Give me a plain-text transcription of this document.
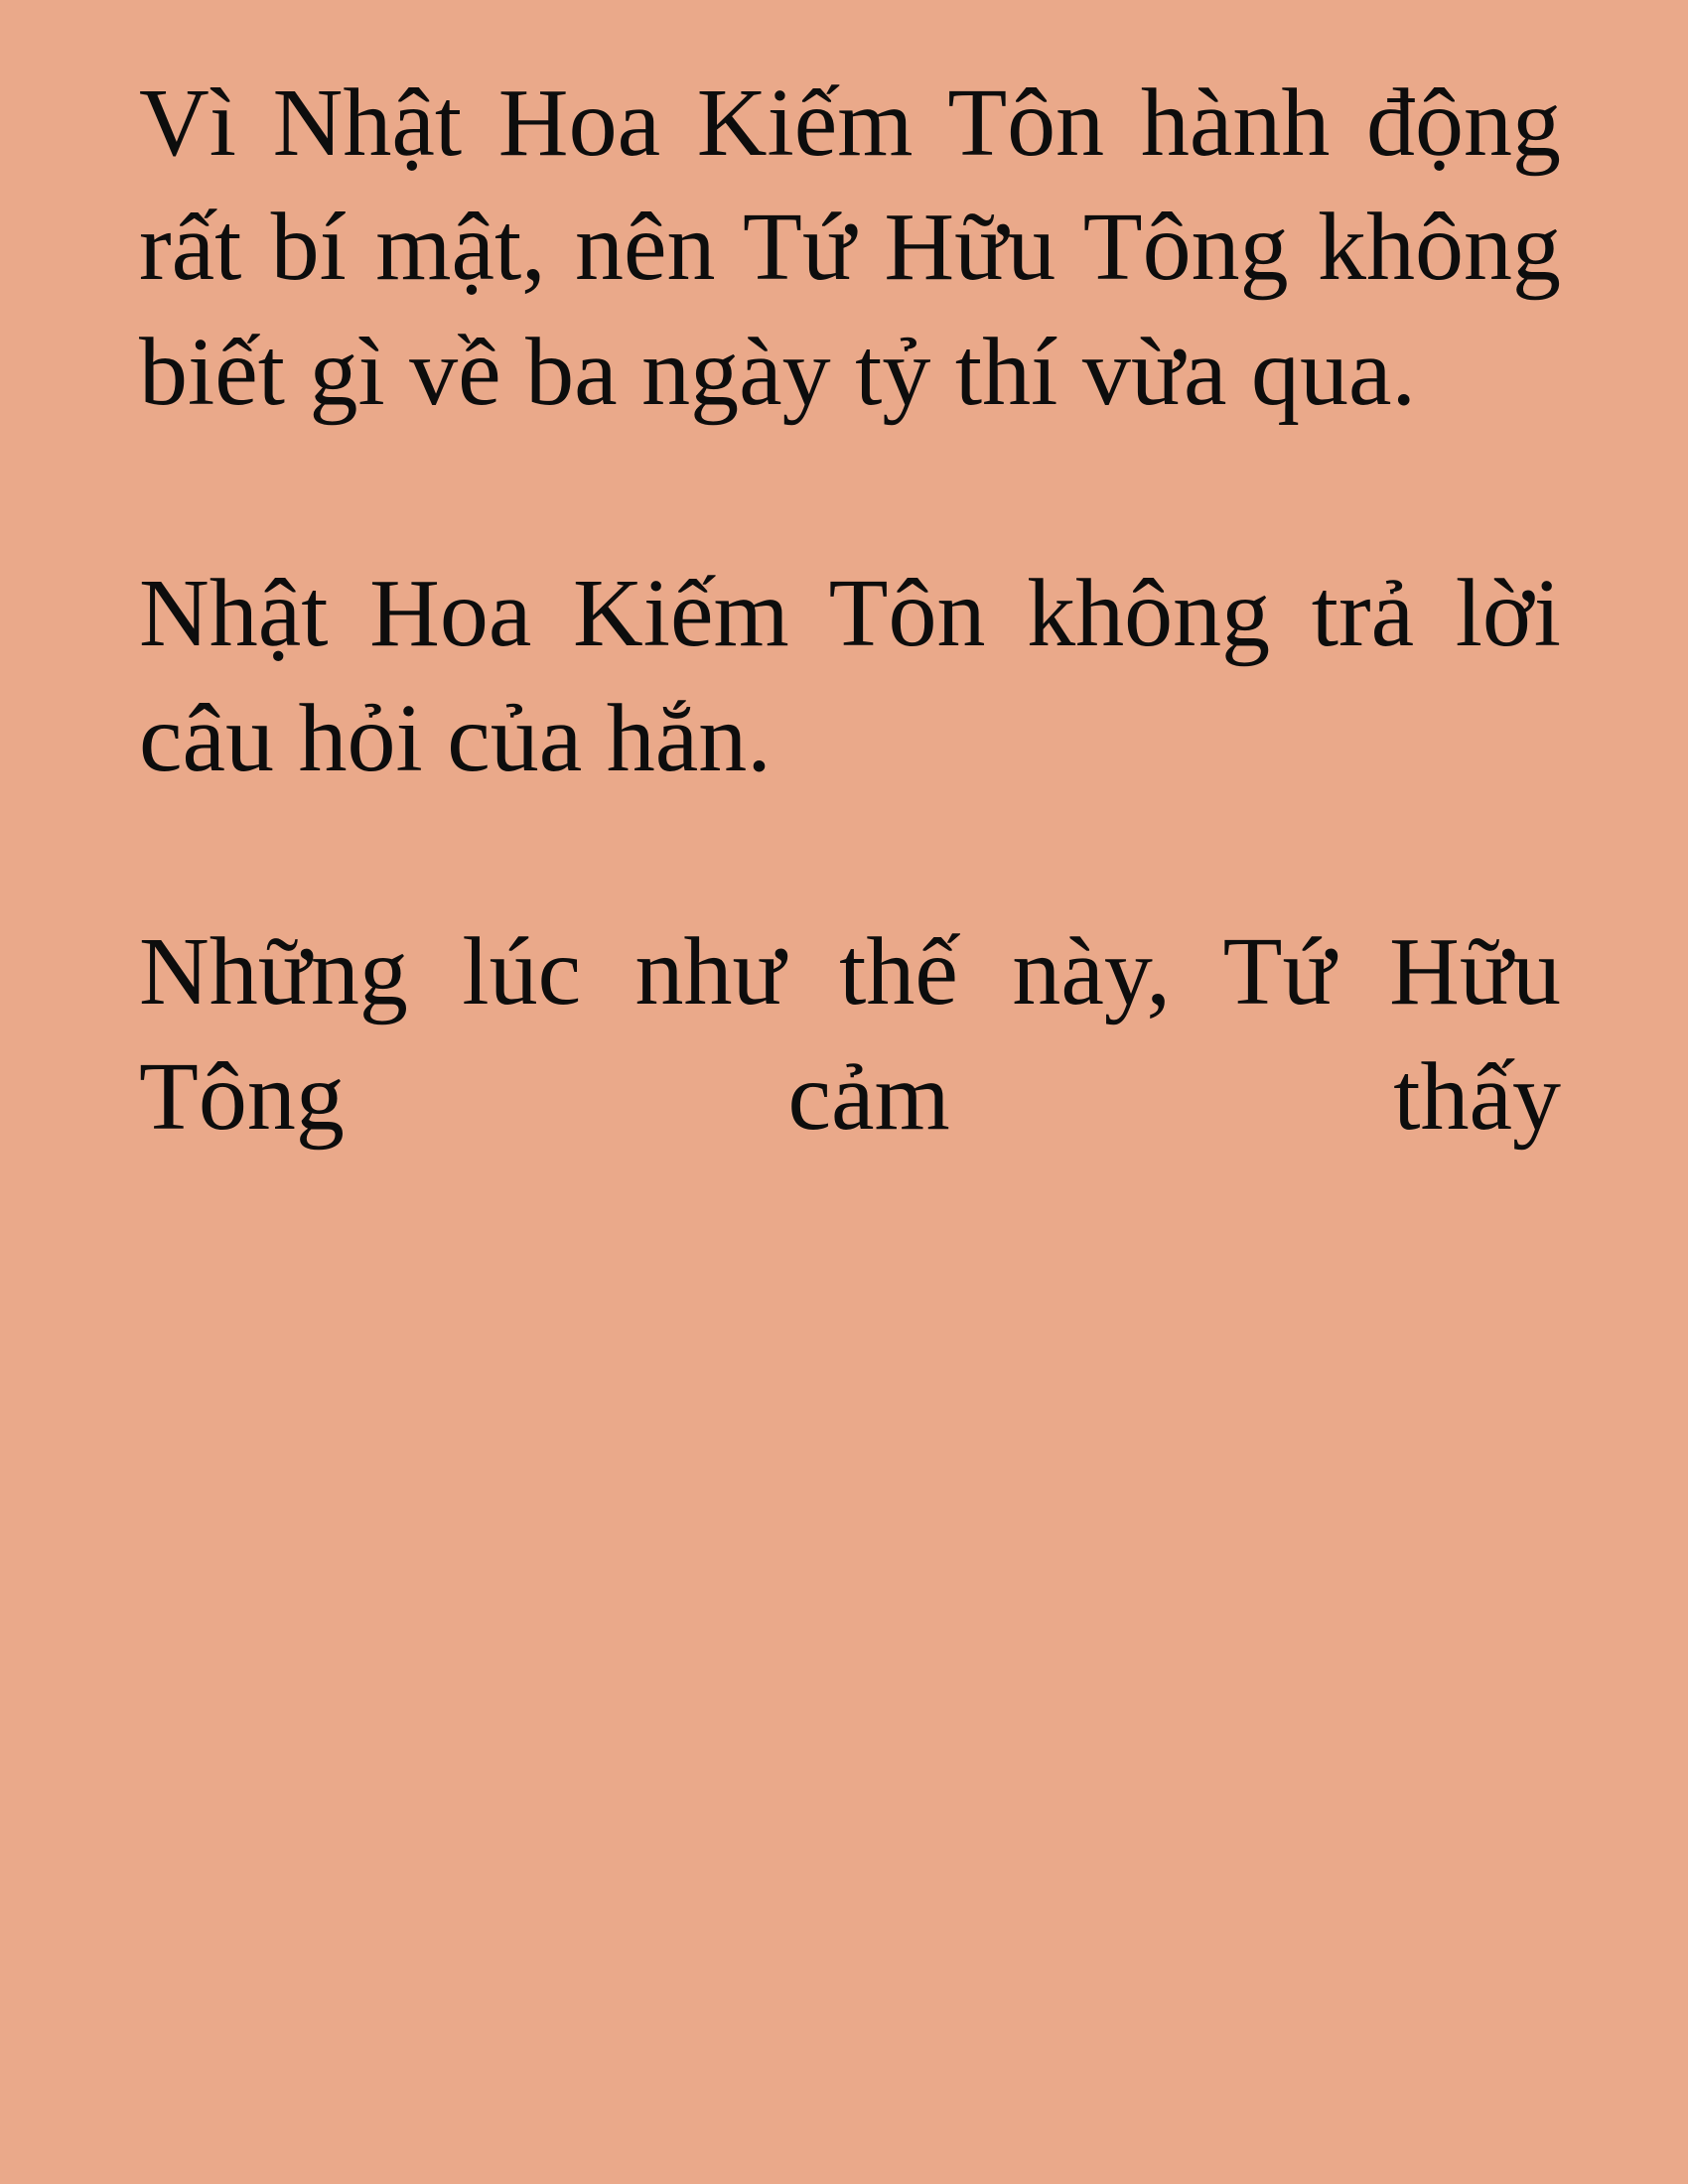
Vì Nhật Hoa Kiếm Tôn hành động rất bí mật, nên Tứ Hữu Tông không biết gì về ba ngày tỷ thí vừa qua.

Nhật Hoa Kiếm Tôn không trả lời câu hỏi của hắn.

Những lúc như thế này, Tứ Hữu Tông cảm thấy
